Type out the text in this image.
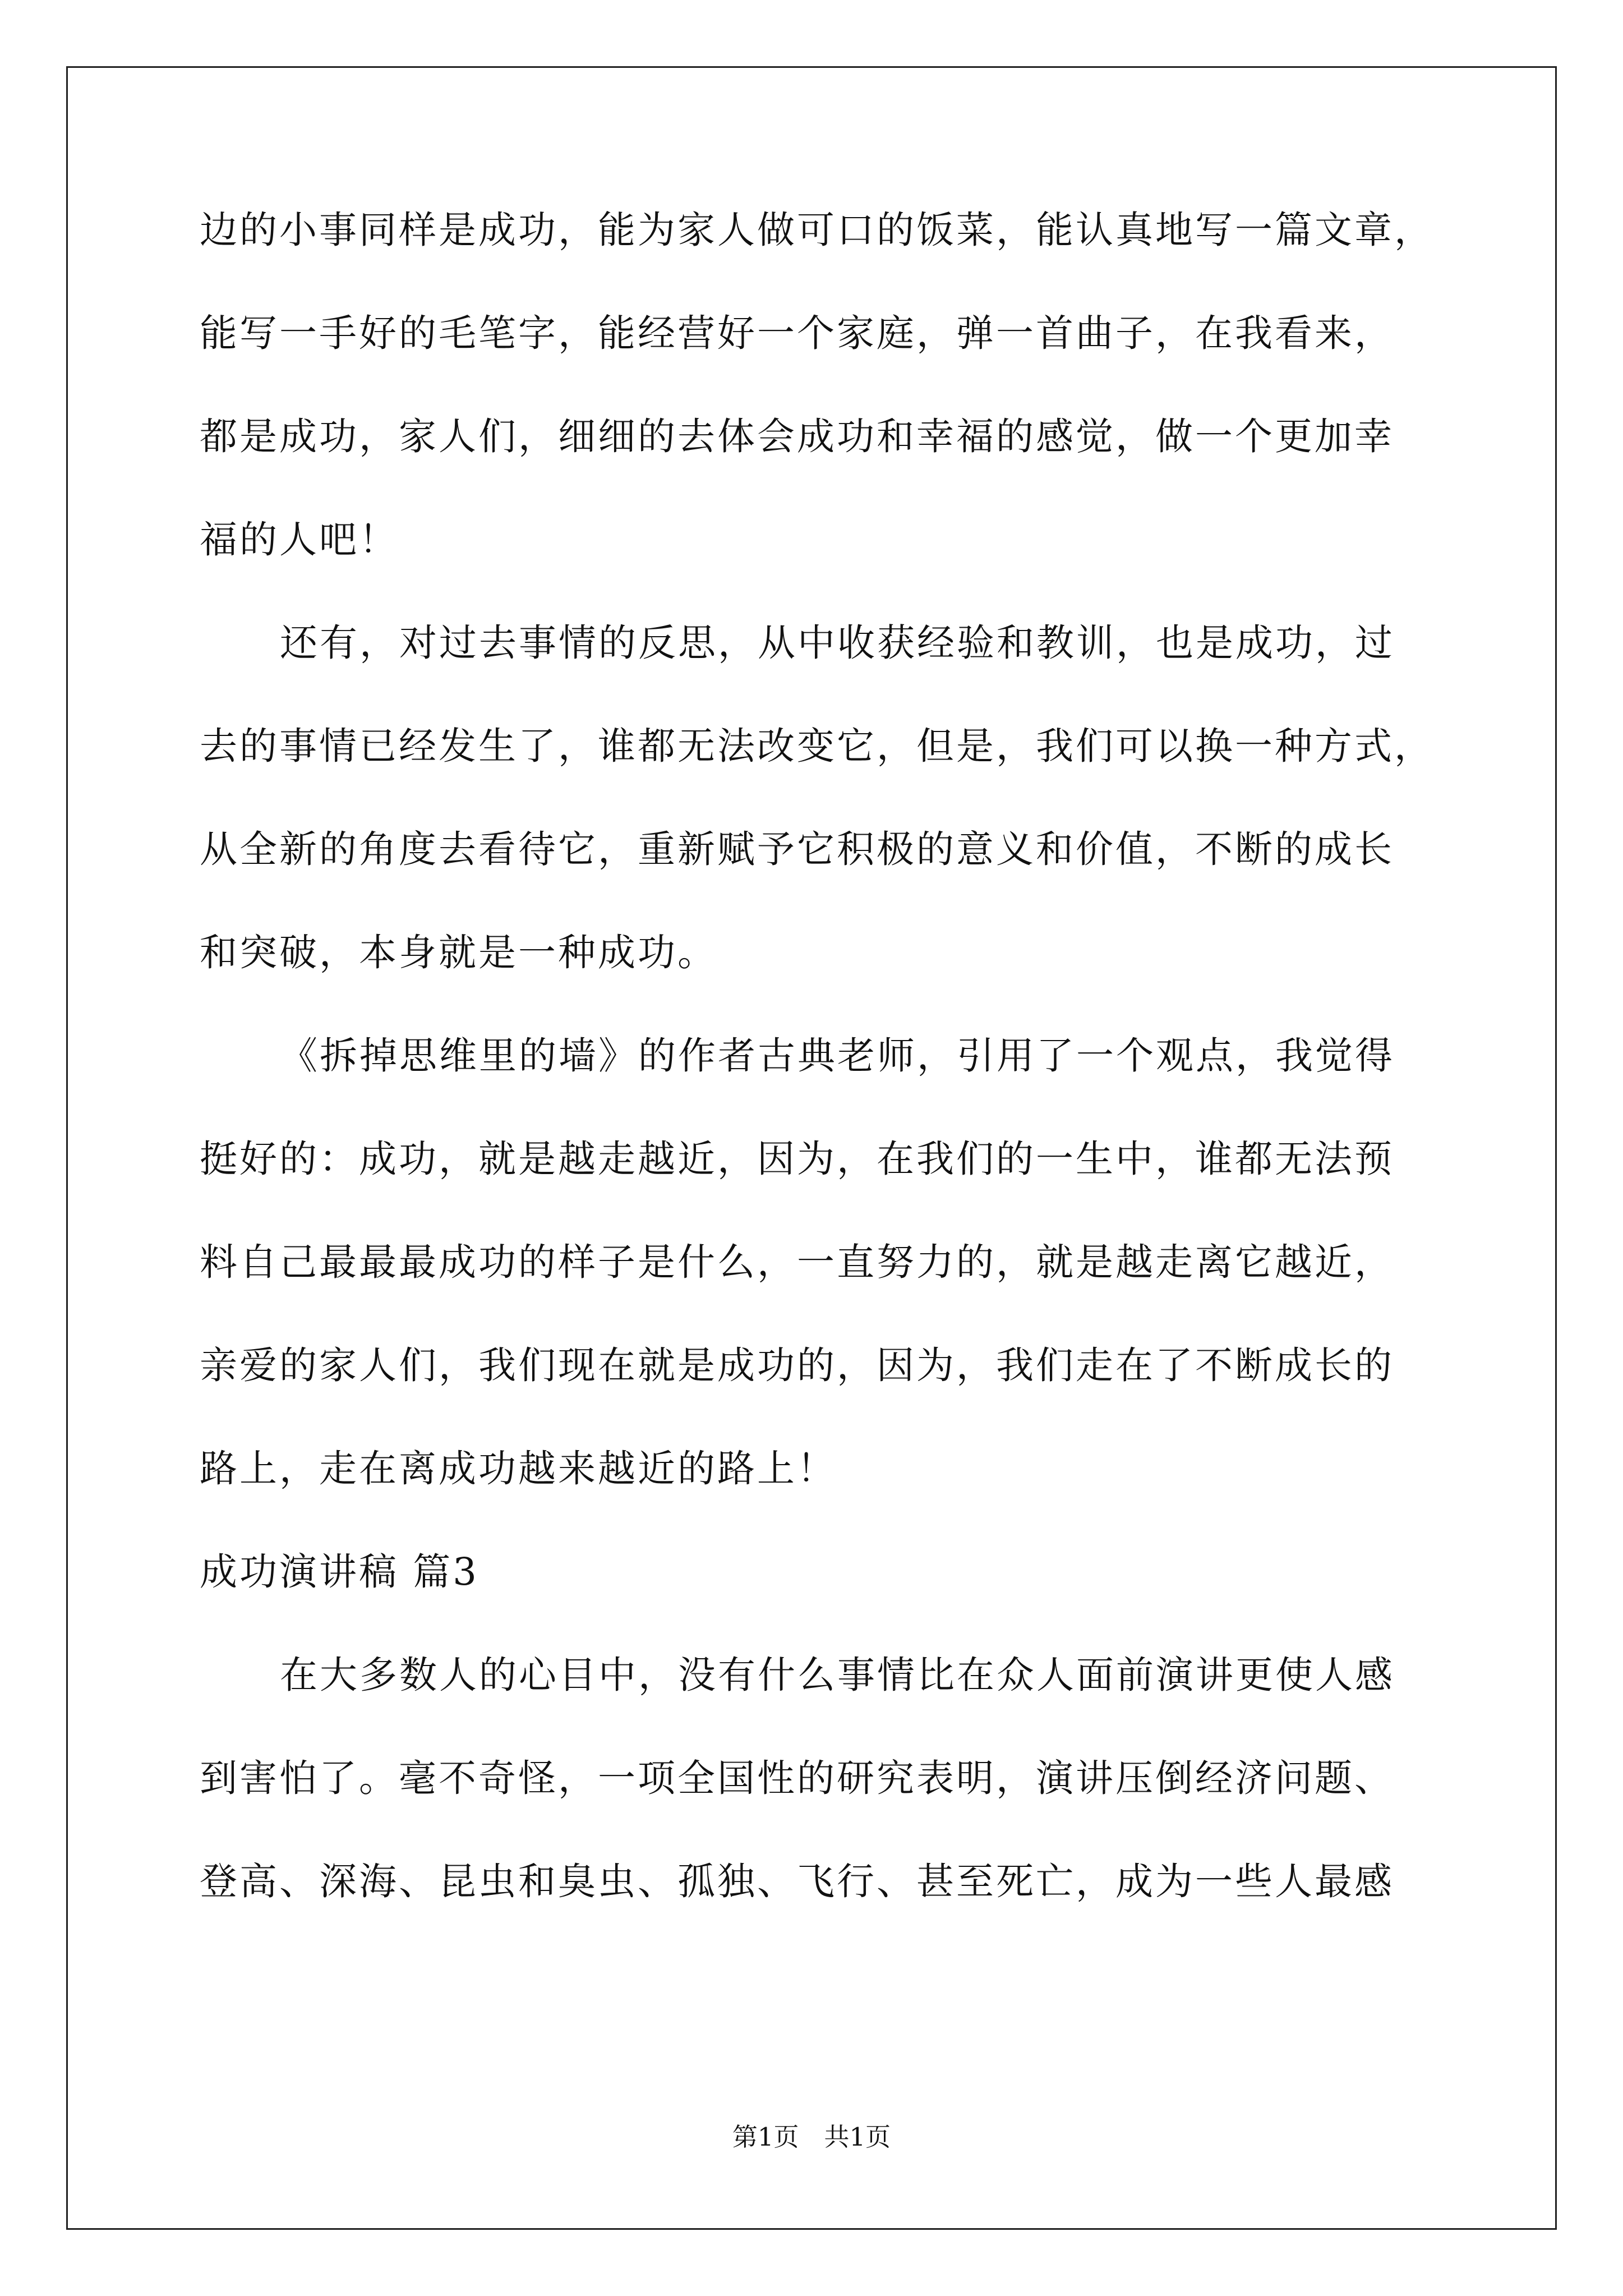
边的小事同样是成功，能为家人做可口的饭菜，能认真地写一篇文章，
能写一手好的毛笔字，能经营好一个家庭，弹一首曲子，在我看来，
都是成功，家人们，细细的去体会成功和幸福的感觉，做一个更加幸
福的人吧！
还有，对过去事情的反思，从中收获经验和教训，也是成功，过
去的事情已经发生了，谁都无法改变它，但是，我们可以换一种方式，
从全新的角度去看待它，重新赋予它积极的意义和价值，不断的成长
和突破，本身就是一种成功。
《拆掉思维里的墙》的作者古典老师，引用了一个观点，我觉得
挺好的：成功，就是越走越近，因为，在我们的一生中，谁都无法预
料自己最最最成功的样子是什么，一直努力的，就是越走离它越近，
亲爱的家人们，我们现在就是成功的，因为，我们走在了不断成长的
路上，走在离成功越来越近的路上！
成功演讲稿 篇3
在大多数人的心目中，没有什么事情比在众人面前演讲更使人感
到害怕了。毫不奇怪，一项全国性的研究表明，演讲压倒经济问题、
登高、深海、昆虫和臭虫、孤独、飞行、甚至死亡，成为一些人最感
第1页　共1页
